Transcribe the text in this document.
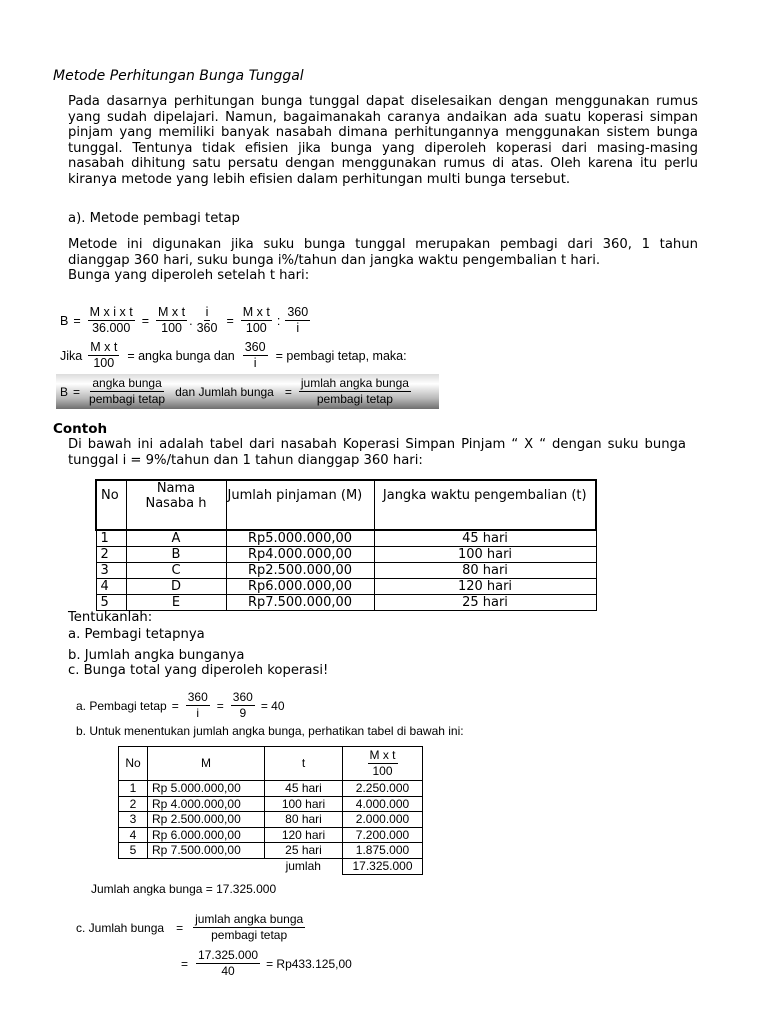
Metode Perhitungan Bunga Tunggal
Pada dasarnya perhitungan bunga tunggal dapat diselesaikan dengan menggunakan rumus yang sudah dipelajari. Namun, bagaimanakah caranya andaikan ada suatu koperasi simpan pinjam yang memiliki banyak nasabah dimana perhitungannya menggunakan sistem bunga tunggal. Tentunya tidak efisien jika bunga yang diperoleh koperasi dari masing-masing nasabah dihitung satu persatu dengan menggunakan rumus di atas. Oleh karena itu perlu kiranya metode yang lebih efisien dalam perhitungan multi bunga tersebut.
a). Metode pembagi tetap
Metode ini digunakan jika suku bunga tunggal merupakan pembagi dari 360, 1 tahun dianggap 360 hari, suku bunga i%/tahun dan jangka waktu pengembalian t hari.
Bunga yang diperoleh setelah t hari:
$B = \frac{\text{M x i x t}}{36.000} = \frac{\text{M x t}}{100}$ . $\frac{i}{360} = \frac{\text{M x t}}{100}$ : $\frac{360}{i}$
Jika $\frac{\text{M x t}}{100}$ = angka bunga dan $\frac{360}{i}$ = pembagi tetap, maka:
$B = \frac{\text{angka bunga}}{\text{pembagi tetap}}$ dan Jumlah bunga = $\frac{\text{jumlah angka bunga}}{\text{pembagi tetap}}$
Contoh
Di bawah ini adalah tabel dari nasabah Koperasi Simpan Pinjam “ X “ dengan suku bunga tunggal i = 9%/tahun dan 1 tahun dianggap 360 hari:
No	Nama Nasaba h	Jumlah pinjaman (M)	Jangka waktu pengembalian (t)
1	A	Rp5.000.000,00	45 hari
2	B	Rp4.000.000,00	100 hari
3	C	Rp2.500.000,00	80 hari
4	D	Rp6.000.000,00	120 hari
5	E	Rp7.500.000,00	25 hari
Tentukanlah:
a. Pembagi tetapnya
b. Jumlah angka bunganya
c. Bunga total yang diperoleh koperasi!
a. Pembagi tetap = $\frac{360}{i} = \frac{360}{9} = 40$
b. Untuk menentukan jumlah angka bunga, perhatikan tabel di bawah ini:
No	M	t	$\frac{\text{M x t}}{100}$

1	Rp 5.000.000,00	45 hari	2.250.000
2	Rp 4.000.000,00	100 hari	4.000.000
3	Rp 2.500.000,00	80 hari	2.000.000
4	Rp 6.000.000,00	120 hari	7.200.000
5	Rp 7.500.000,00	25 hari	1.875.000
		jumlah	17.325.000
Jumlah angka bunga = 17.325.000
c. Jumlah bunga = $\frac{\text{jumlah angka bunga}}{\text{pembagi tetap}}$
= $\frac{17.325.000}{40} = Rp433.125,00$
